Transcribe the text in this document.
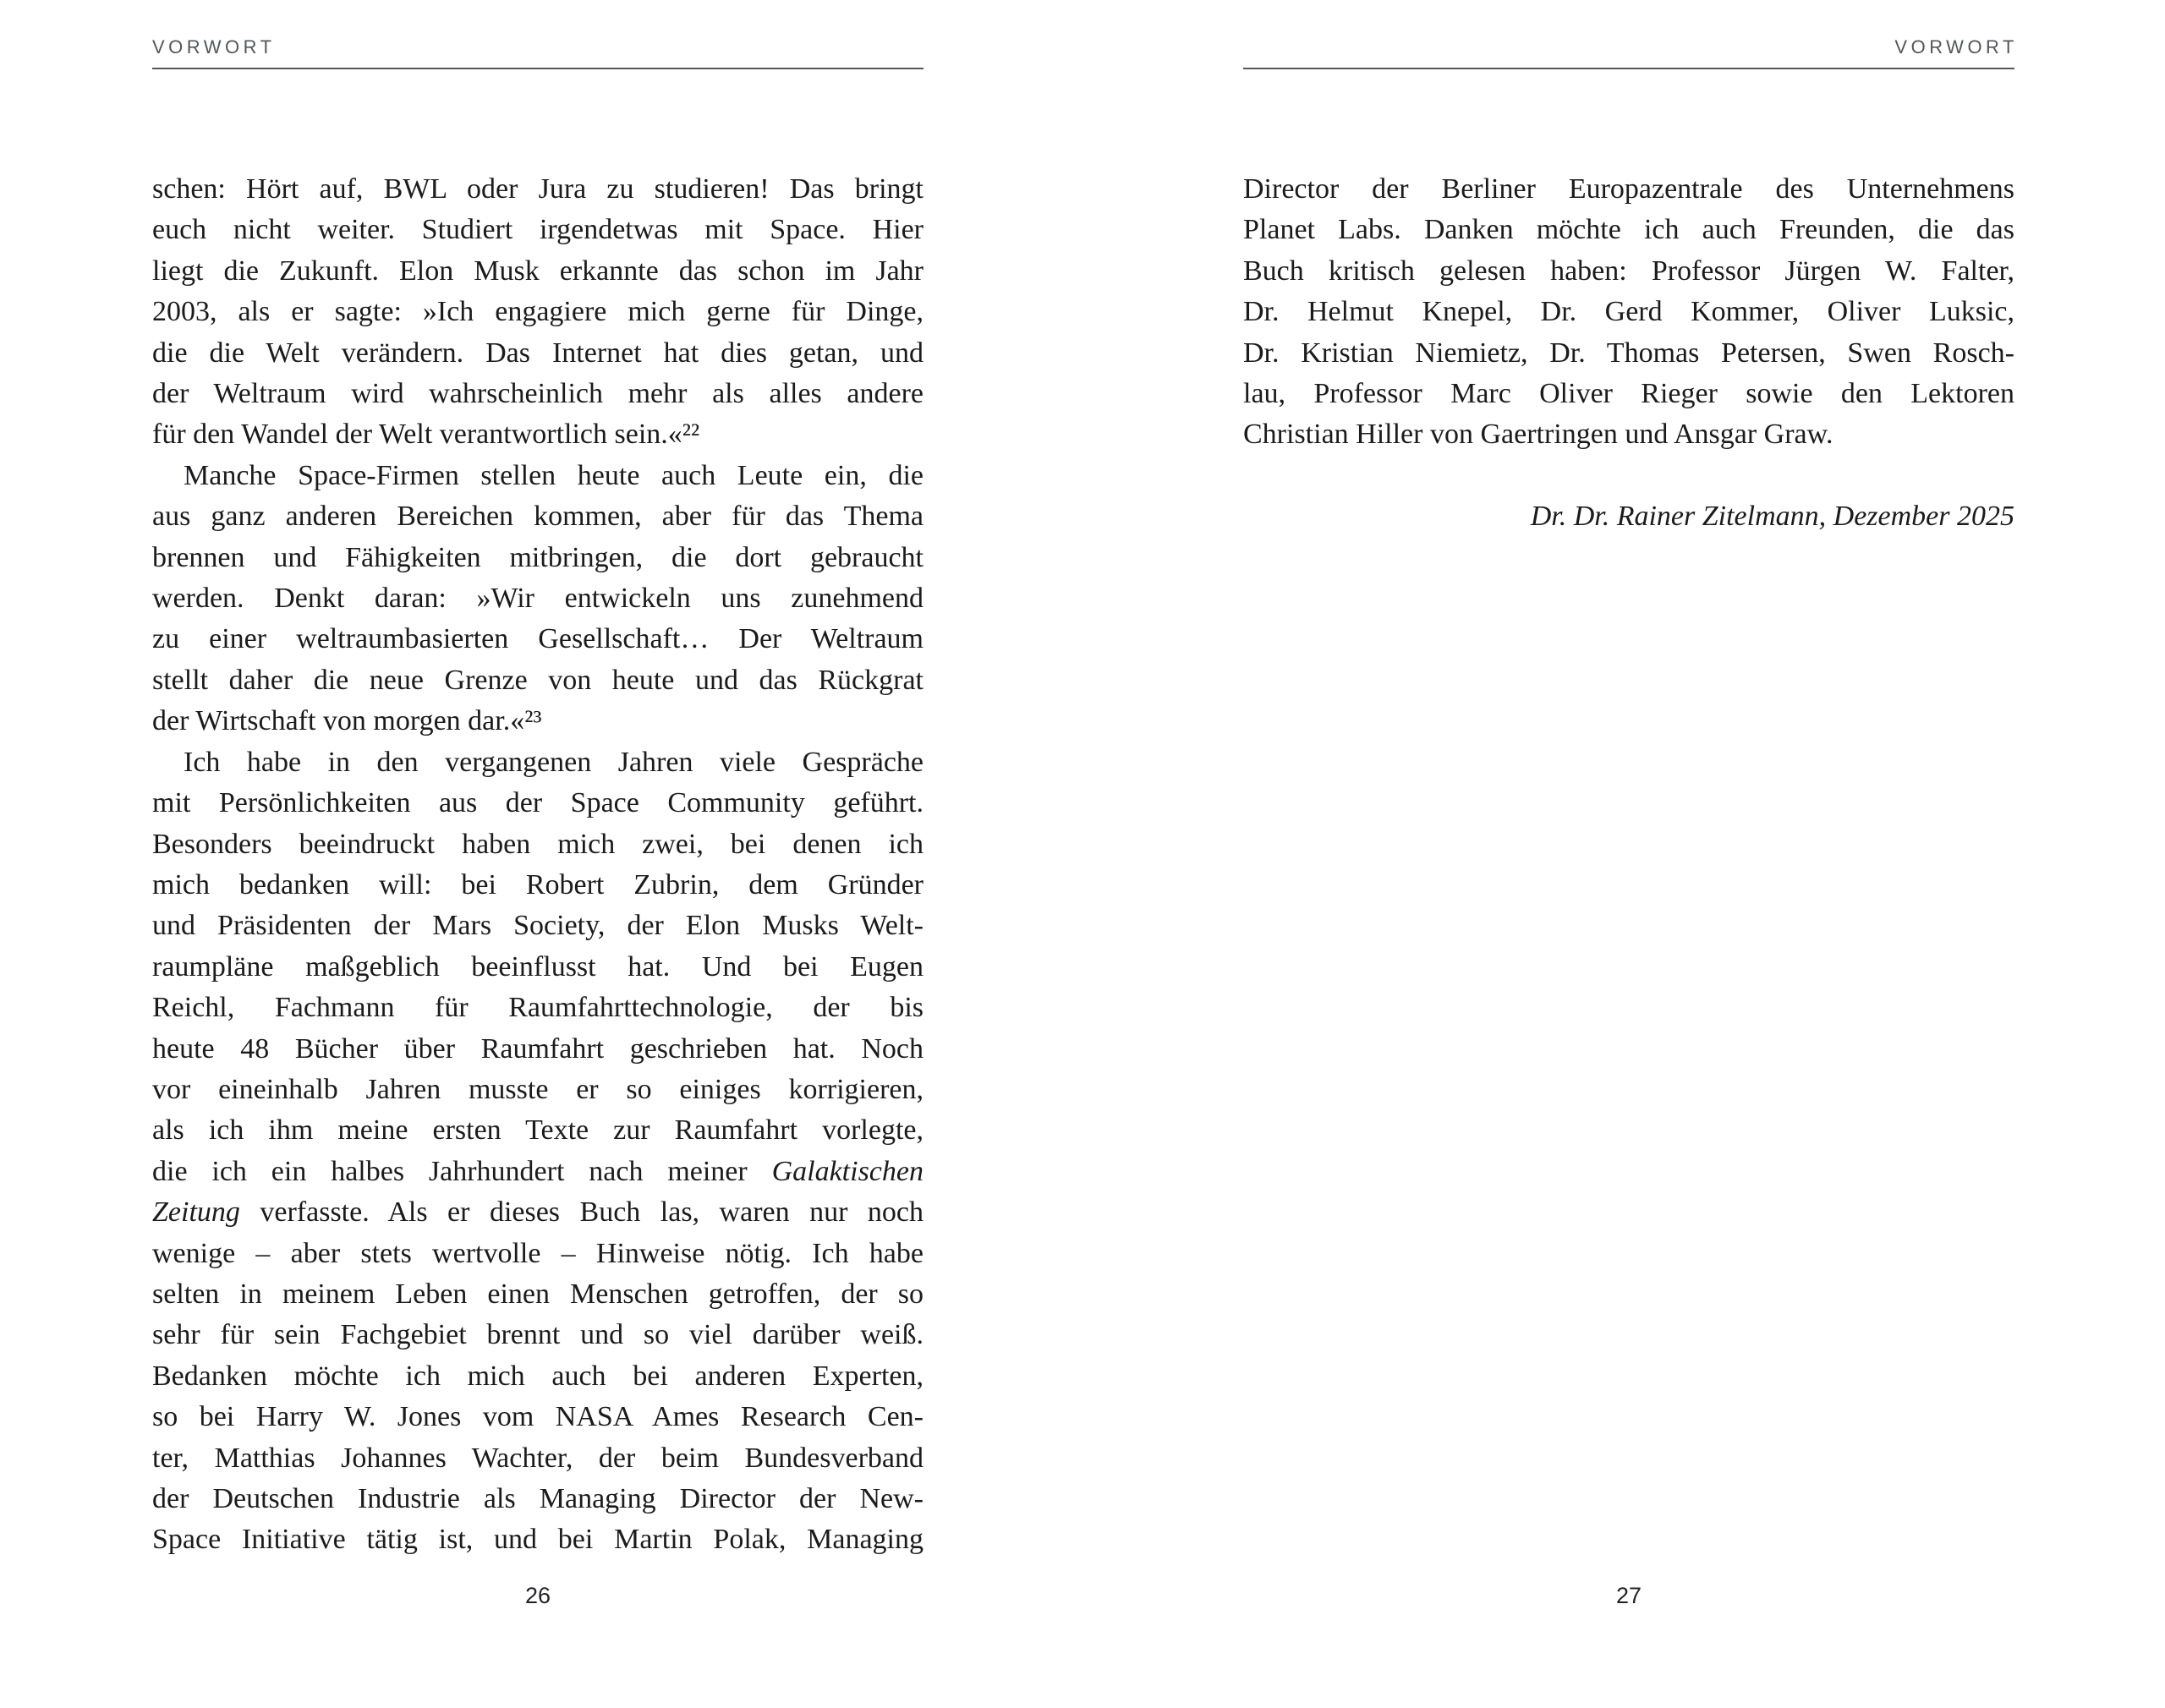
VORWORT
schen: Hört auf, BWL oder Jura zu studieren! Das bringt
euch nicht weiter. Studiert irgendetwas mit Space. Hier
liegt die Zukunft. Elon Musk erkannte das schon im Jahr
2003, als er sagte: »Ich engagiere mich gerne für Dinge,
die die Welt verändern. Das Internet hat dies getan, und
der Weltraum wird wahrscheinlich mehr als alles andere
für den Wandel der Welt verantwortlich sein.«²²
Manche Space-Firmen stellen heute auch Leute ein, die
aus ganz anderen Bereichen kommen, aber für das Thema
brennen und Fähigkeiten mitbringen, die dort gebraucht
werden. Denkt daran: »Wir entwickeln uns zunehmend
zu einer weltraumbasierten Gesellschaft… Der Weltraum
stellt daher die neue Grenze von heute und das Rückgrat
der Wirtschaft von morgen dar.«²³
Ich habe in den vergangenen Jahren viele Gespräche
mit Persönlichkeiten aus der Space Community geführt.
Besonders beeindruckt haben mich zwei, bei denen ich
mich bedanken will: bei Robert Zubrin, dem Gründer
und Präsidenten der Mars Society, der Elon Musks Welt-
raumpläne maßgeblich beeinflusst hat. Und bei Eugen
Reichl, Fachmann für Raumfahrttechnologie, der bis
heute 48 Bücher über Raumfahrt geschrieben hat. Noch
vor eineinhalb Jahren musste er so einiges korrigieren,
als ich ihm meine ersten Texte zur Raumfahrt vorlegte,
die ich ein halbes Jahrhundert nach meiner Galaktischen
Zeitung verfasste. Als er dieses Buch las, waren nur noch
wenige – aber stets wertvolle – Hinweise nötig. Ich habe
selten in meinem Leben einen Menschen getroffen, der so
sehr für sein Fachgebiet brennt und so viel darüber weiß.
Bedanken möchte ich mich auch bei anderen Experten,
so bei Harry W. Jones vom NASA Ames Research Cen-
ter, Matthias Johannes Wachter, der beim Bundesverband
der Deutschen Industrie als Managing Director der New-
Space Initiative tätig ist, und bei Martin Polak, Managing
26
VORWORT
Director der Berliner Europazentrale des Unternehmens
Planet Labs. Danken möchte ich auch Freunden, die das
Buch kritisch gelesen haben: Professor Jürgen W. Falter,
Dr. Helmut Knepel, Dr. Gerd Kommer, Oliver Luksic,
Dr. Kristian Niemietz, Dr. Thomas Petersen, Swen Rosch-
lau, Professor Marc Oliver Rieger sowie den Lektoren
Christian Hiller von Gaertringen und Ansgar Graw.
Dr. Dr. Rainer Zitelmann, Dezember 2025
27
